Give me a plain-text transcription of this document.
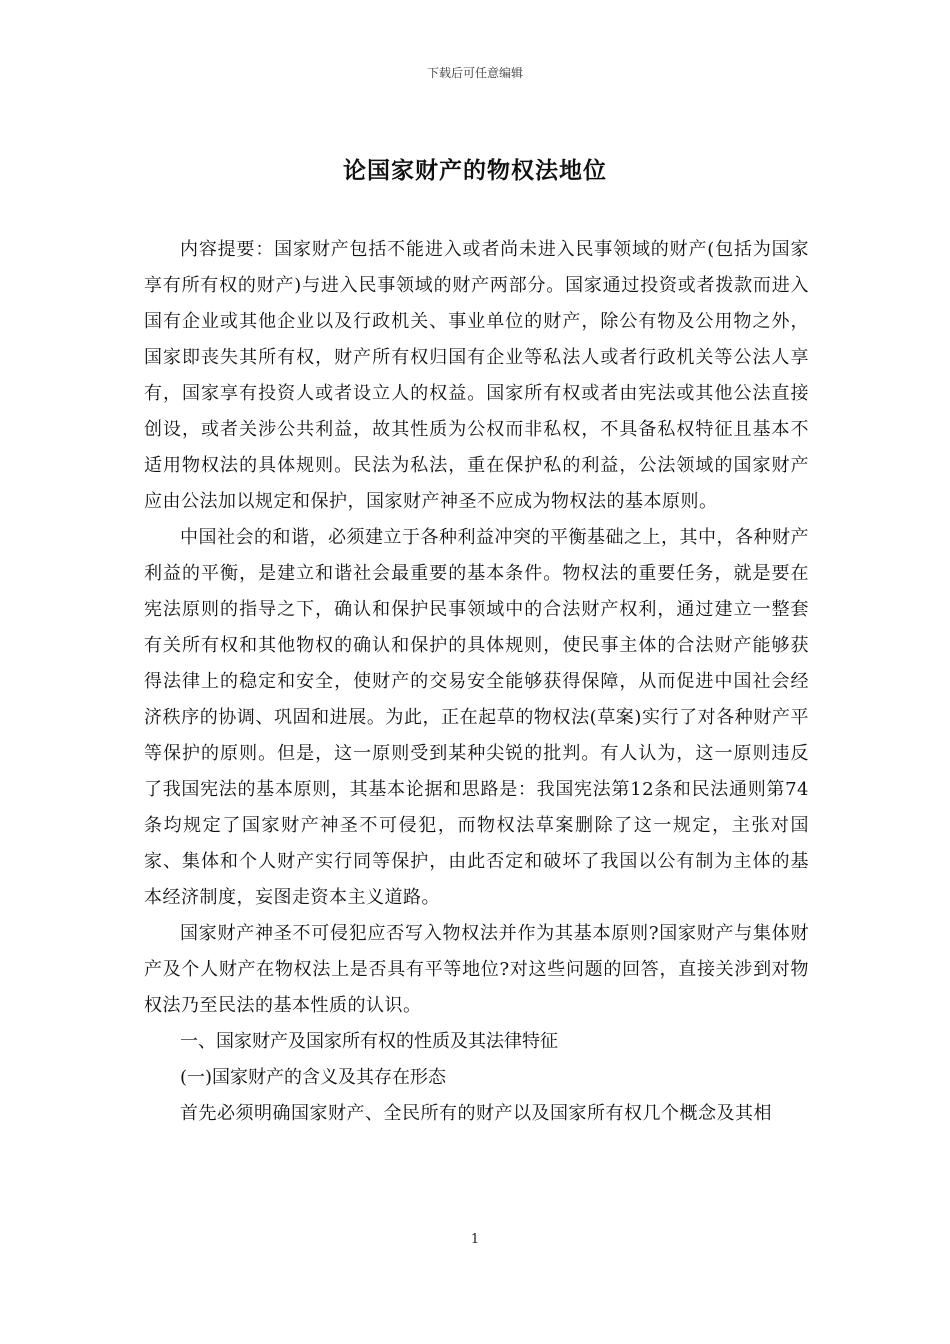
下载后可任意编辑
论国家财产的物权法地位

内容提要：国家财产包括不能进入或者尚未进入民事领域的财产(包括为国家享有所有权的财产)与进入民事领域的财产两部分。国家通过投资或者拨款而进入国有企业或其他企业以及行政机关、事业单位的财产，除公有物及公用物之外，国家即丧失其所有权，财产所有权归国有企业等私法人或者行政机关等公法人享有，国家享有投资人或者设立人的权益。国家所有权或者由宪法或其他公法直接创设，或者关涉公共利益，故其性质为公权而非私权，不具备私权特征且基本不适用物权法的具体规则。民法为私法，重在保护私的利益，公法领域的国家财产应由公法加以规定和保护，国家财产神圣不应成为物权法的基本原则。

中国社会的和谐，必须建立于各种利益冲突的平衡基础之上，其中，各种财产利益的平衡，是建立和谐社会最重要的基本条件。物权法的重要任务，就是要在宪法原则的指导之下，确认和保护民事领域中的合法财产权利，通过建立一整套有关所有权和其他物权的确认和保护的具体规则，使民事主体的合法财产能够获得法律上的稳定和安全，使财产的交易安全能够获得保障，从而促进中国社会经济秩序的协调、巩固和进展。为此，正在起草的物权法(草案)实行了对各种财产平等保护的原则。但是，这一原则受到某种尖锐的批判。有人认为，这一原则违反了我国宪法的基本原则，其基本论据和思路是：我国宪法第12条和民法通则第74条均规定了国家财产神圣不可侵犯，而物权法草案删除了这一规定，主张对国家、集体和个人财产实行同等保护，由此否定和破坏了我国以公有制为主体的基本经济制度，妄图走资本主义道路。

国家财产神圣不可侵犯应否写入物权法并作为其基本原则?国家财产与集体财产及个人财产在物权法上是否具有平等地位?对这些问题的回答，直接关涉到对物权法乃至民法的基本性质的认识。

一、国家财产及国家所有权的性质及其法律特征

(一)国家财产的含义及其存在形态

首先必须明确国家财产、全民所有的财产以及国家所有权几个概念及其相

1
